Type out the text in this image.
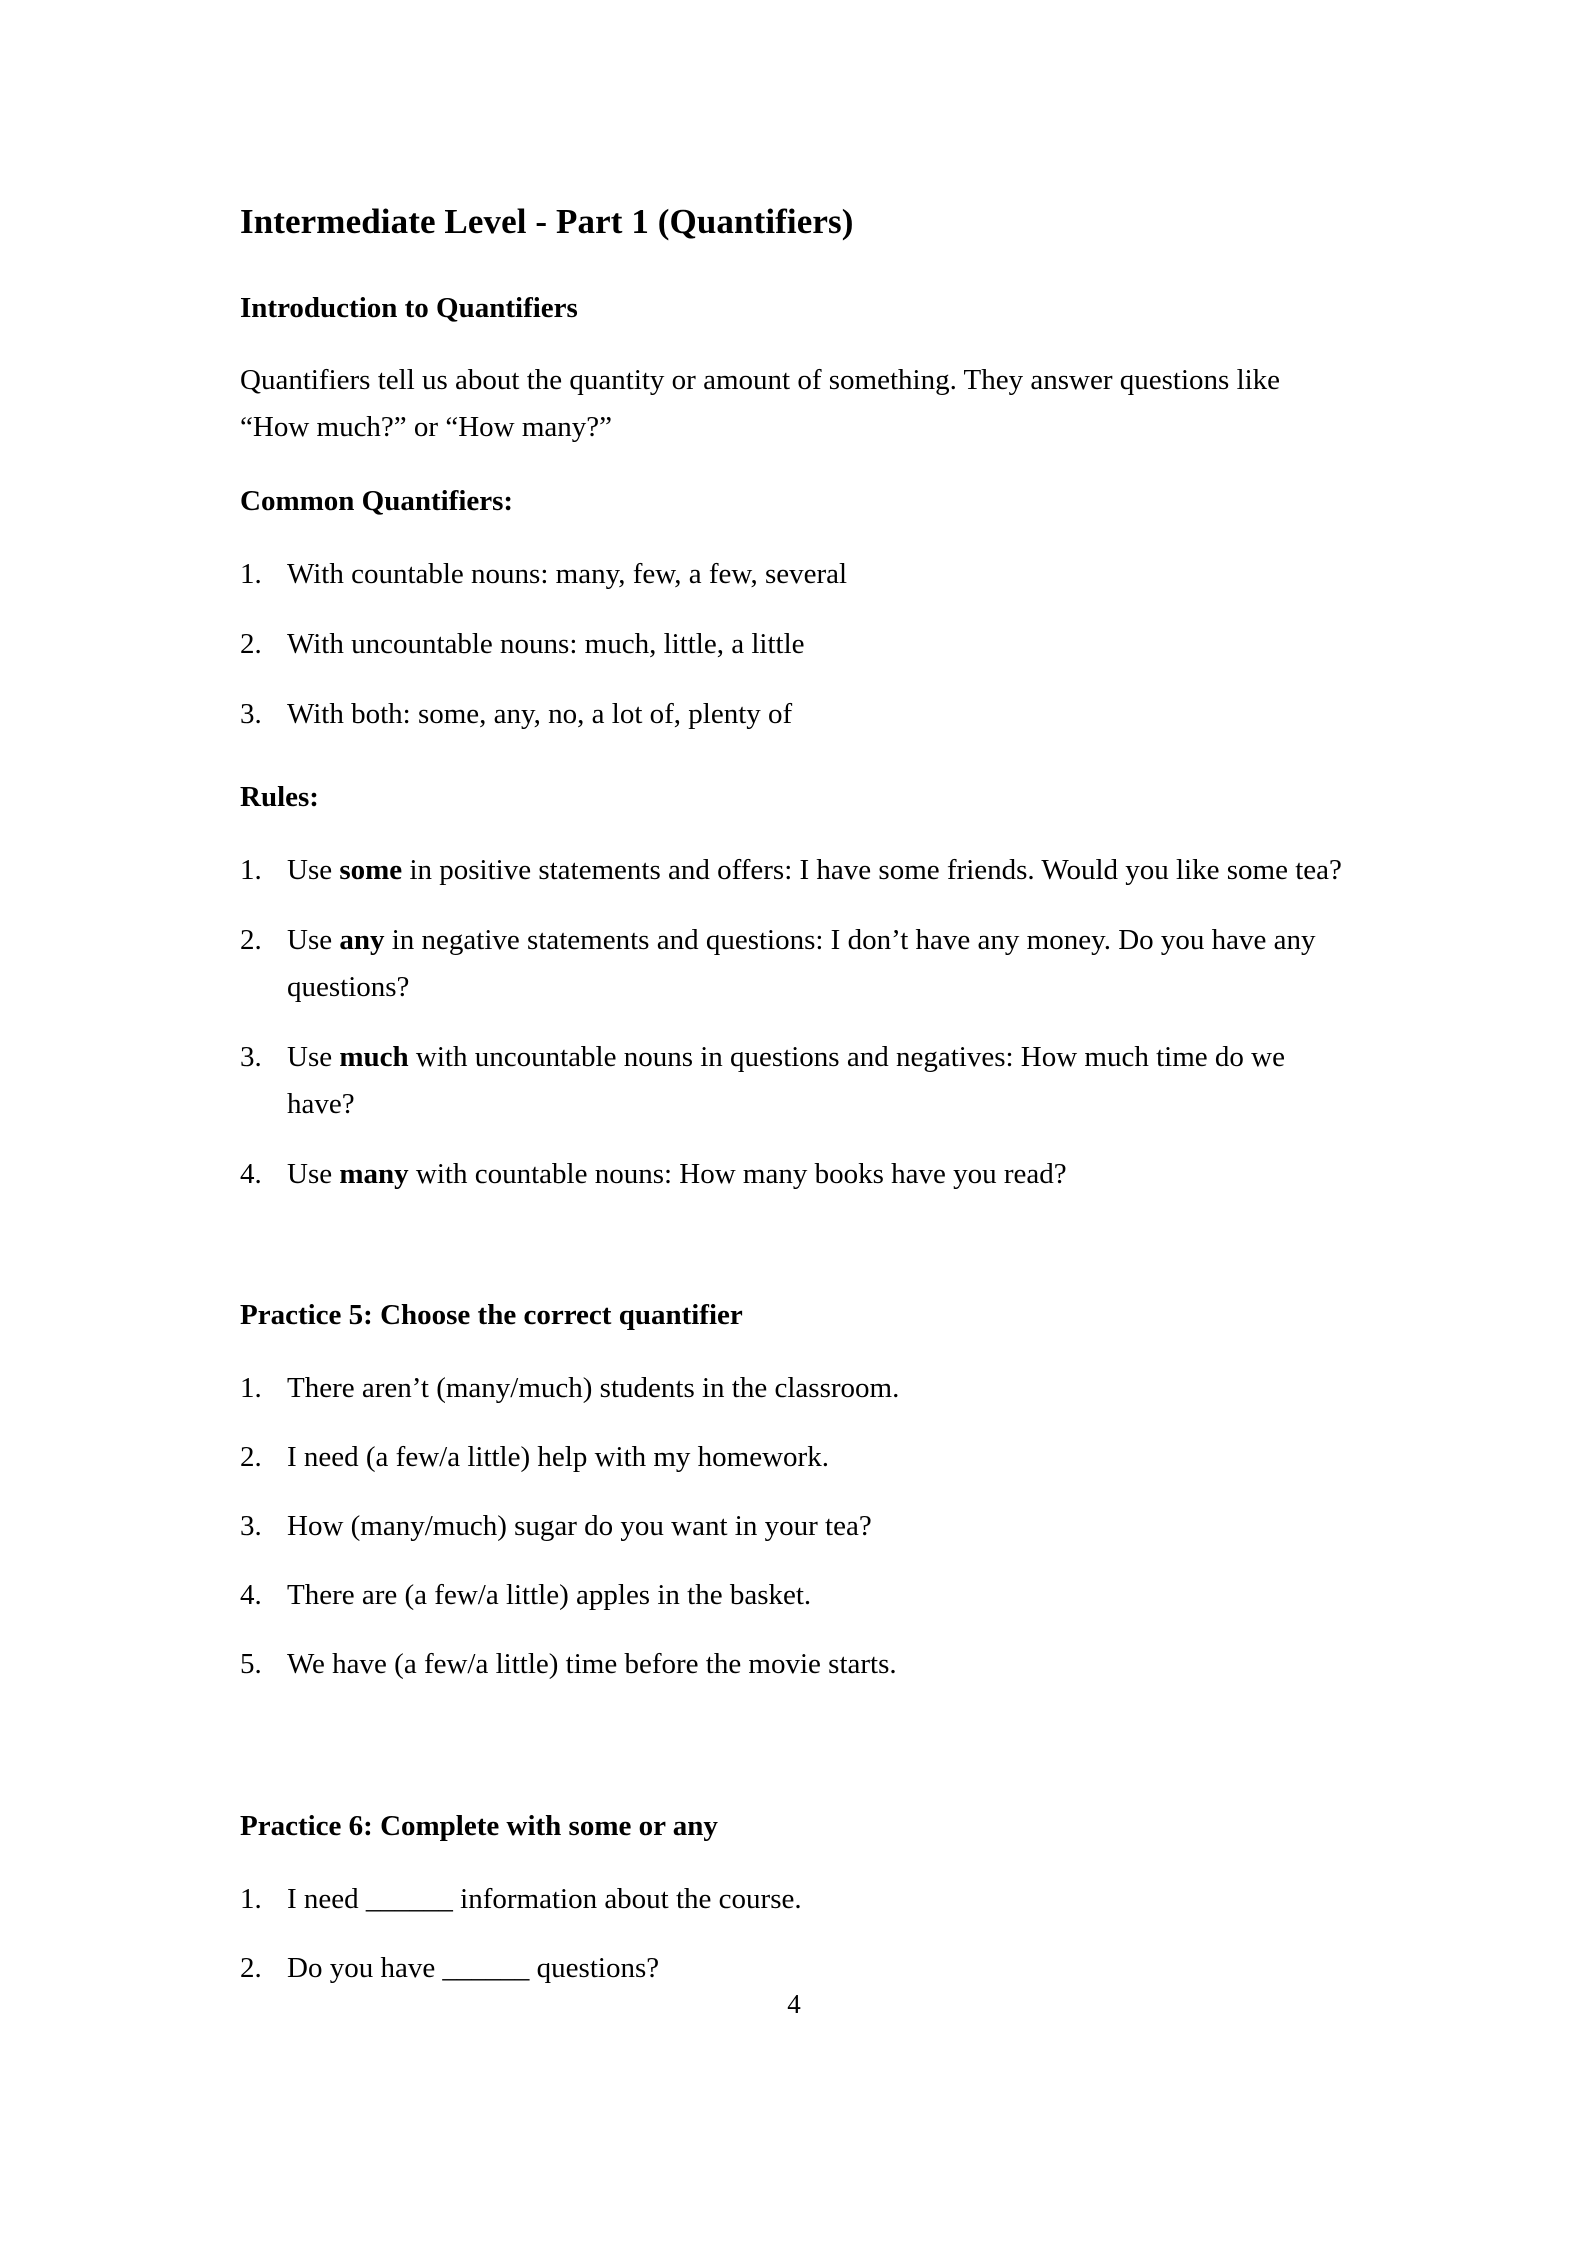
Intermediate Level - Part 1 (Quantifiers)
Introduction to Quantifiers

Quantifiers tell us about the quantity or amount of something. They answer questions like “How much?” or “How many?”

Common Quantifiers:
1. With countable nouns: many, few, a few, several
2. With uncountable nouns: much, little, a little
3. With both: some, any, no, a lot of, plenty of
Rules:
1. Use some in positive statements and offers: I have some friends. Would you like some tea?
2. Use any in negative statements and questions: I don’t have any money. Do you have any questions?
3. Use much with uncountable nouns in questions and negatives: How much time do we have?
4. Use many with countable nouns: How many books have you read?
Practice 5: Choose the correct quantifier
1. There aren’t (many/much) students in the classroom.
2. I need (a few/a little) help with my homework.
3. How (many/much) sugar do you want in your tea?
4. There are (a few/a little) apples in the basket.
5. We have (a few/a little) time before the movie starts.
Practice 6: Complete with some or any
1. I need ______ information about the course.
2. Do you have ______ questions?
4
